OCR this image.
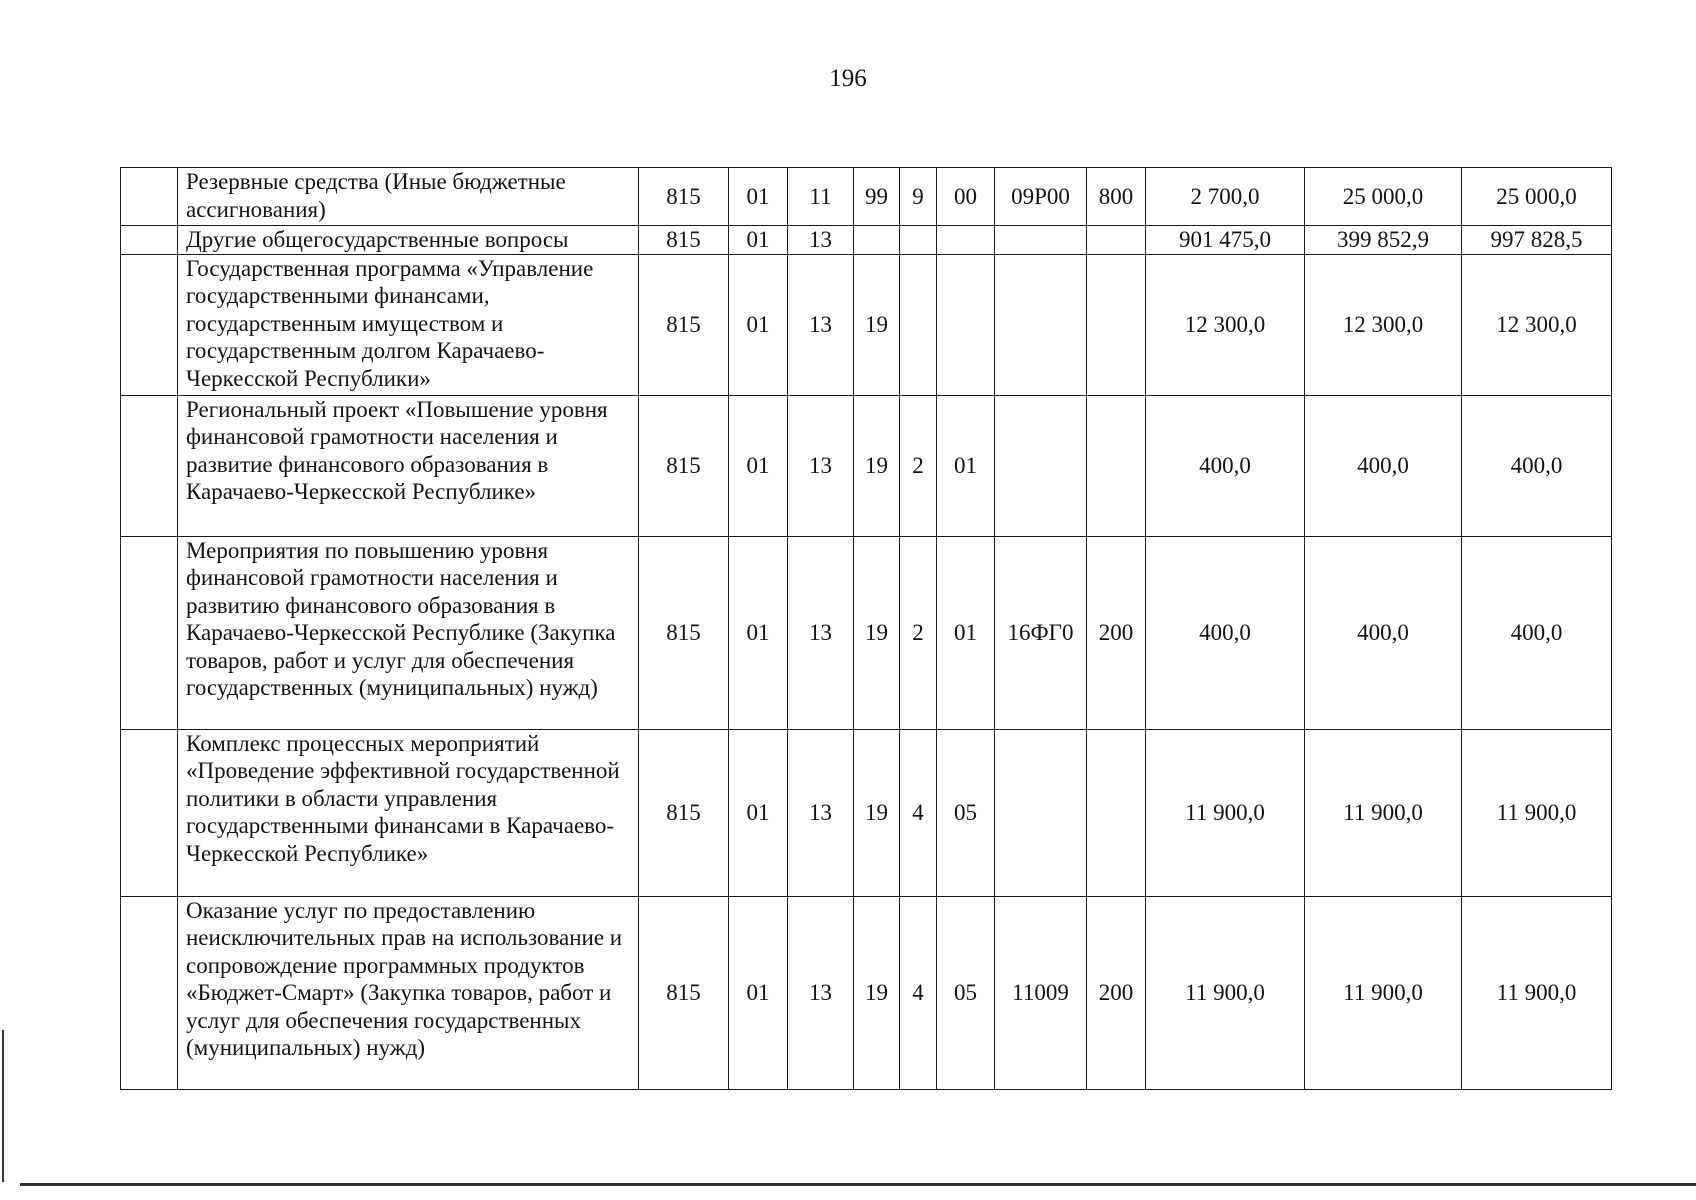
196
	Резервные средства (Иные бюджетные ассигнования)	815	01	11	99	9	00	09Р00	800	2 700,0	25 000,0	25 000,0
	Другие общегосударственные вопросы	815	01	13						901 475,0	399 852,9	997 828,5
	Государственная программа «Управление государственными финансами, государственным имуществом и государственным долгом Карачаево-Черкесской Республики»	815	01	13	19					12 300,0	12 300,0	12 300,0
	Региональный проект «Повышение уровня финансовой грамотности населения и развитие финансового образования в Карачаево-Черкесской Республике»	815	01	13	19	2	01			400,0	400,0	400,0
	Мероприятия по повышению уровня финансовой грамотности населения и развитию финансового образования в Карачаево-Черкесской Республике (Закупка товаров, работ и услуг для обеспечения государственных (муниципальных) нужд)	815	01	13	19	2	01	16ФГ0	200	400,0	400,0	400,0
	Комплекс процессных мероприятий «Проведение эффективной государственной политики в области управления государственными финансами в Карачаево-Черкесской Республике»	815	01	13	19	4	05			11 900,0	11 900,0	11 900,0
	Оказание услуг по предоставлению неисключительных прав на использование и сопровождение программных продуктов «Бюджет-Смарт» (Закупка товаров, работ и услуг для обеспечения государственных (муниципальных) нужд)	815	01	13	19	4	05	11009	200	11 900,0	11 900,0	11 900,0
